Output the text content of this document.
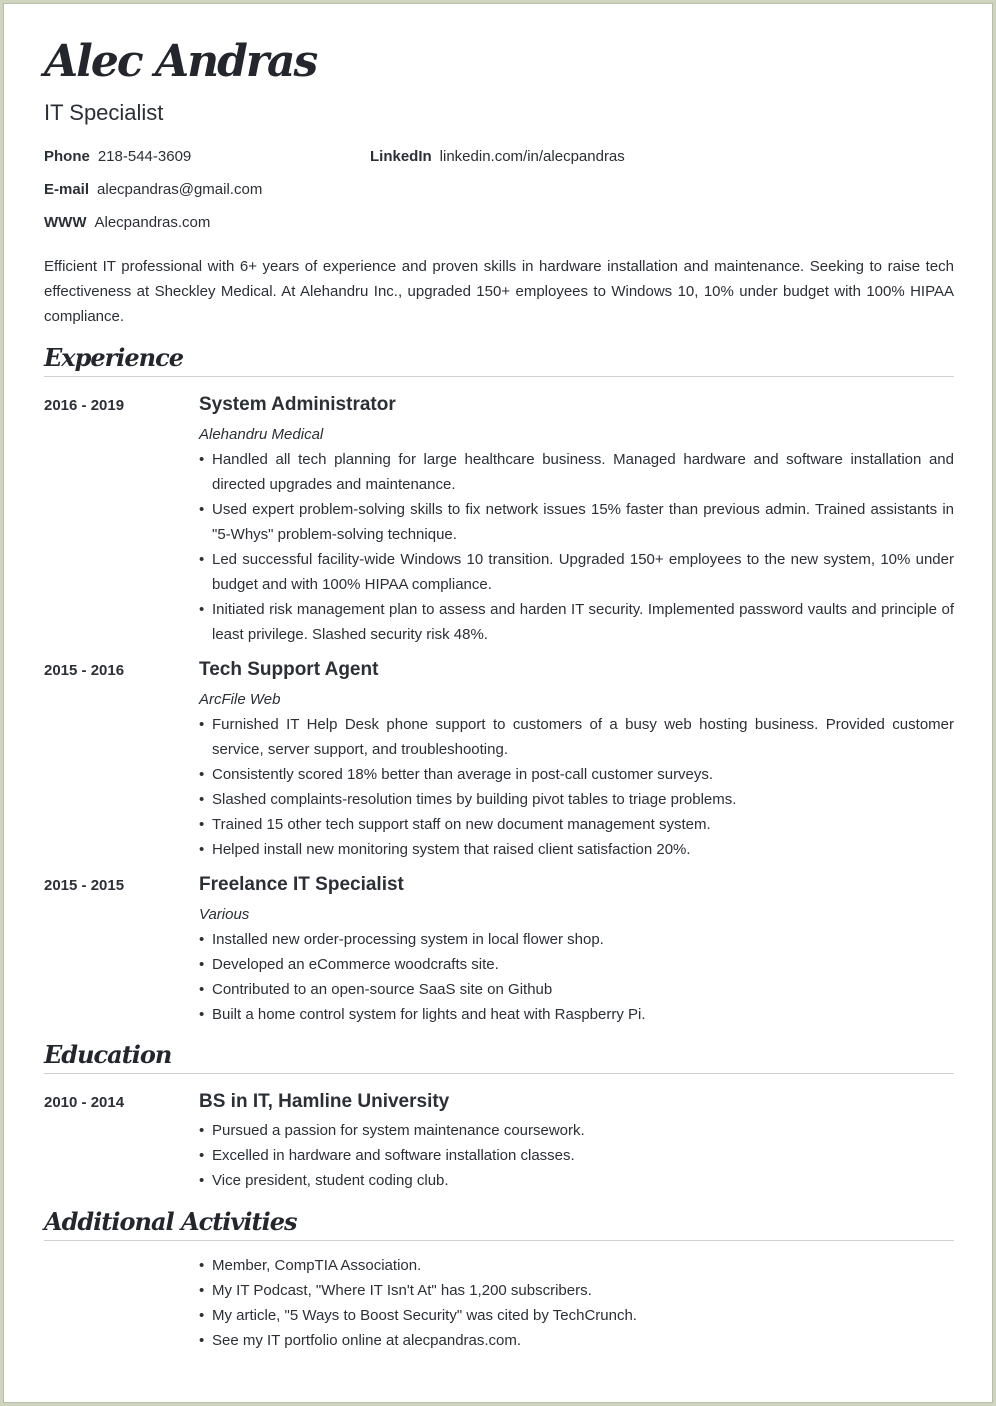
Alec Andras
IT Specialist
Phone 218-544-3609	LinkedIn linkedin.com/in/alecpandras
E-mail alecpandras@gmail.com
WWW Alecpandras.com
Efficient IT professional with 6+ years of experience and proven skills in hardware installation and maintenance. Seeking to raise tech effectiveness at Sheckley Medical. At Alehandru Inc., upgraded 150+ employees to Windows 10, 10% under budget with 100% HIPAA compliance.
Experience
2016 - 2019	System Administrator
Alehandru Medical
• Handled all tech planning for large healthcare business. Managed hardware and software installation and directed upgrades and maintenance.
• Used expert problem-solving skills to fix network issues 15% faster than previous admin. Trained assistants in "5-Whys" problem-solving technique.
• Led successful facility-wide Windows 10 transition. Upgraded 150+ employees to the new system, 10% under budget and with 100% HIPAA compliance.
• Initiated risk management plan to assess and harden IT security. Implemented password vaults and principle of least privilege. Slashed security risk 48%.
2015 - 2016	Tech Support Agent
ArcFile Web
• Furnished IT Help Desk phone support to customers of a busy web hosting business. Provided customer service, server support, and troubleshooting.
• Consistently scored 18% better than average in post-call customer surveys.
• Slashed complaints-resolution times by building pivot tables to triage problems.
• Trained 15 other tech support staff on new document management system.
• Helped install new monitoring system that raised client satisfaction 20%.
2015 - 2015	Freelance IT Specialist
Various
• Installed new order-processing system in local flower shop.
• Developed an eCommerce woodcrafts site.
• Contributed to an open-source SaaS site on Github
• Built a home control system for lights and heat with Raspberry Pi.
Education
2010 - 2014	BS in IT, Hamline University
• Pursued a passion for system maintenance coursework.
• Excelled in hardware and software installation classes.
• Vice president, student coding club.
Additional Activities
• Member, CompTIA Association.
• My IT Podcast, "Where IT Isn't At" has 1,200 subscribers.
• My article, "5 Ways to Boost Security" was cited by TechCrunch.
• See my IT portfolio online at alecpandras.com.
